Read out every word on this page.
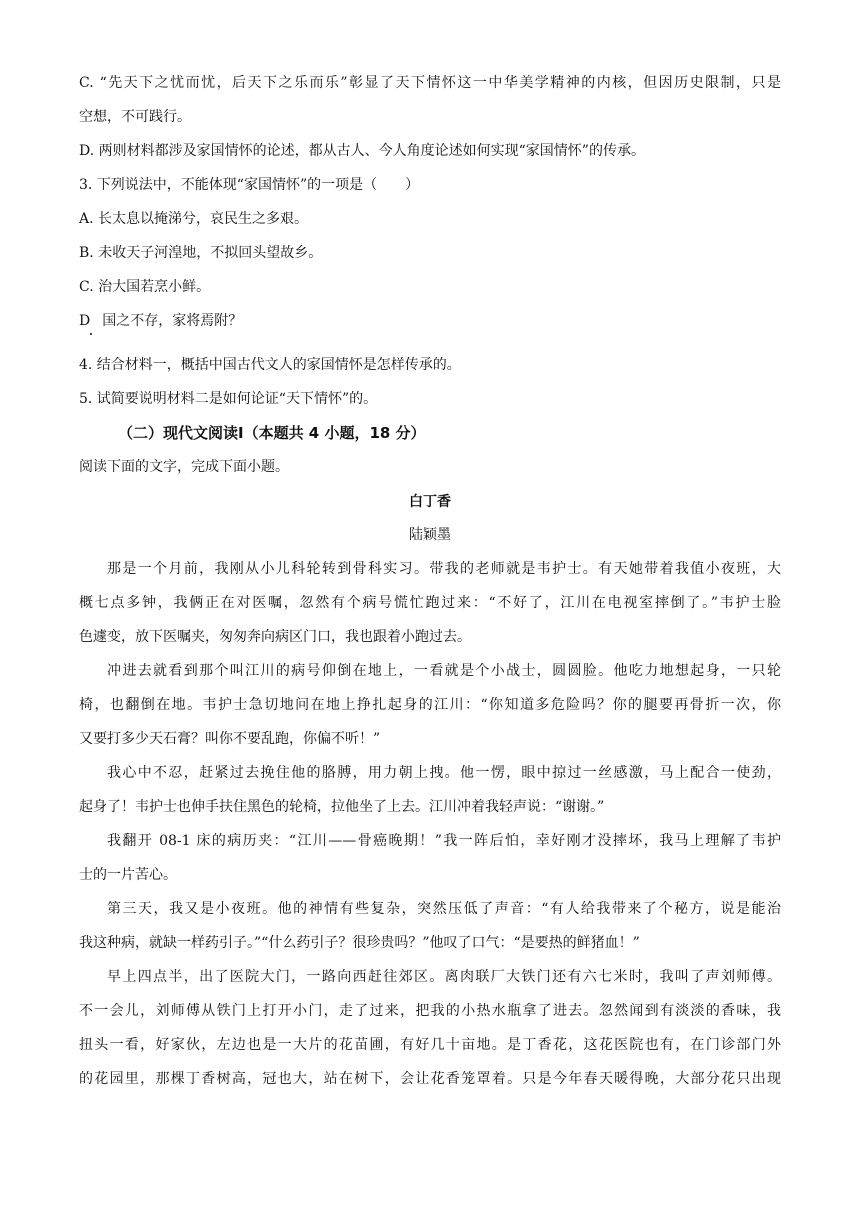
C. “先天下之忧而忧，后天下之乐而乐”彰显了天下情怀这一中华美学精神的内核，但因历史限制，只是
空想，不可践行。
D. 两则材料都涉及家国情怀的论述，都从古人、今人角度论述如何实现“家国情怀”的传承。
3. 下列说法中，不能体现“家国情怀”的一项是（　　）
A. 长太息以掩涕兮，哀民生之多艰。
B. 未收天子河湟地，不拟回头望故乡。
C. 治大国若烹小鲜。
D 国之不存，家将焉附？
4. 结合材料一，概括中国古代文人的家国情怀是怎样传承的。
5. 试简要说明材料二是如何论证“天下情怀”的。
（二）现代文阅读Ⅰ（本题共 4 小题，18 分）
阅读下面的文字，完成下面小题。
白丁香
陆颖墨
那是一个月前，我刚从小儿科轮转到骨科实习。带我的老师就是韦护士。有天她带着我值小夜班，大
概七点多钟，我俩正在对医嘱，忽然有个病号慌忙跑过来：“不好了，江川在电视室摔倒了。”韦护士脸
色遽变，放下医嘱夹，匆匆奔向病区门口，我也跟着小跑过去。
冲进去就看到那个叫江川的病号仰倒在地上，一看就是个小战士，圆圆脸。他吃力地想起身，一只轮
椅，也翻倒在地。韦护士急切地问在地上挣扎起身的江川：“你知道多危险吗？你的腿要再骨折一次，你
又要打多少天石膏？叫你不要乱跑，你偏不听！”
我心中不忍，赶紧过去挽住他的胳膊，用力朝上拽。他一愣，眼中掠过一丝感激，马上配合一使劲，
起身了！韦护士也伸手扶住黑色的轮椅，拉他坐了上去。江川冲着我轻声说：“谢谢。”
我翻开 08-1 床的病历夹：“江川——骨癌晚期！”我一阵后怕，幸好刚才没摔坏，我马上理解了韦护
士的一片苦心。
第三天，我又是小夜班。他的神情有些复杂，突然压低了声音：“有人给我带来了个秘方，说是能治
我这种病，就缺一样药引子。”“什么药引子？很珍贵吗？”他叹了口气：“是要热的鲜猪血！”
早上四点半，出了医院大门，一路向西赶往郊区。离肉联厂大铁门还有六七米时，我叫了声刘师傅。
不一会儿，刘师傅从铁门上打开小门，走了过来，把我的小热水瓶拿了进去。忽然闻到有淡淡的香味，我
扭头一看，好家伙，左边也是一大片的花苗圃，有好几十亩地。是丁香花，这花医院也有，在门诊部门外
的花园里，那棵丁香树高，冠也大，站在树下，会让花香笼罩着。只是今年春天暖得晚，大部分花只出现
